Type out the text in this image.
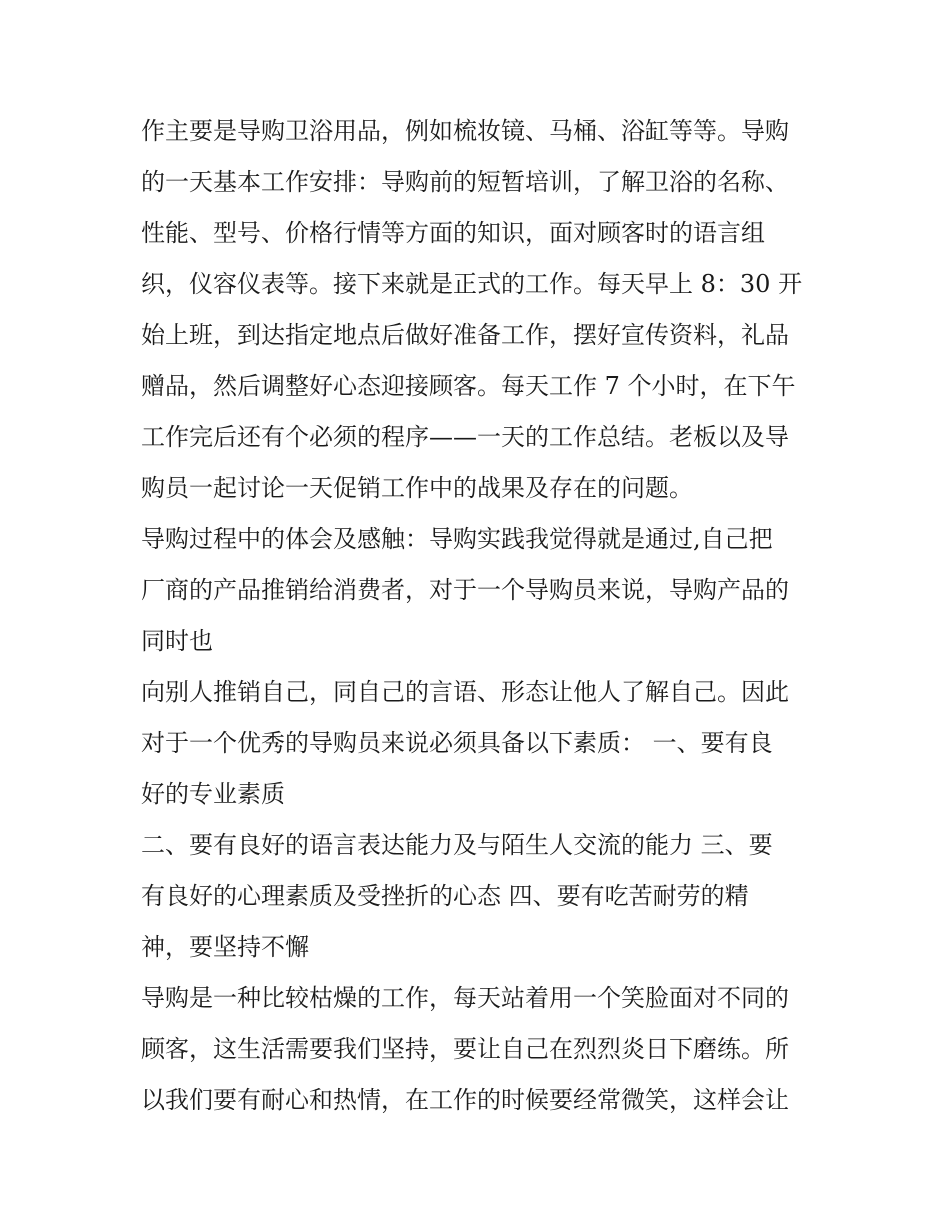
作主要是导购卫浴用品，例如梳妆镜、马桶、浴缸等等。导购
的一天基本工作安排：导购前的短暂培训，了解卫浴的名称、
性能、型号、价格行情等方面的知识，面对顾客时的语言组
织，仪容仪表等。接下来就是正式的工作。每天早上 8：30 开
始上班，到达指定地点后做好准备工作，摆好宣传资料，礼品
赠品，然后调整好心态迎接顾客。每天工作 7 个小时，在下午
工作完后还有个必须的程序——一天的工作总结。老板以及导
购员一起讨论一天促销工作中的战果及存在的问题。
导购过程中的体会及感触：导购实践我觉得就是通过,自己把
厂商的产品推销给消费者，对于一个导购员来说，导购产品的
同时也
向别人推销自己，同自己的言语、形态让他人了解自己。因此
对于一个优秀的导购员来说必须具备以下素质： 一、要有良
好的专业素质
二、要有良好的语言表达能力及与陌生人交流的能力 三、要
有良好的心理素质及受挫折的心态 四、要有吃苦耐劳的精
神，要坚持不懈
导购是一种比较枯燥的工作，每天站着用一个笑脸面对不同的
顾客，这生活需要我们坚持，要让自己在烈烈炎日下磨练。所
以我们要有耐心和热情，在工作的时候要经常微笑，这样会让
